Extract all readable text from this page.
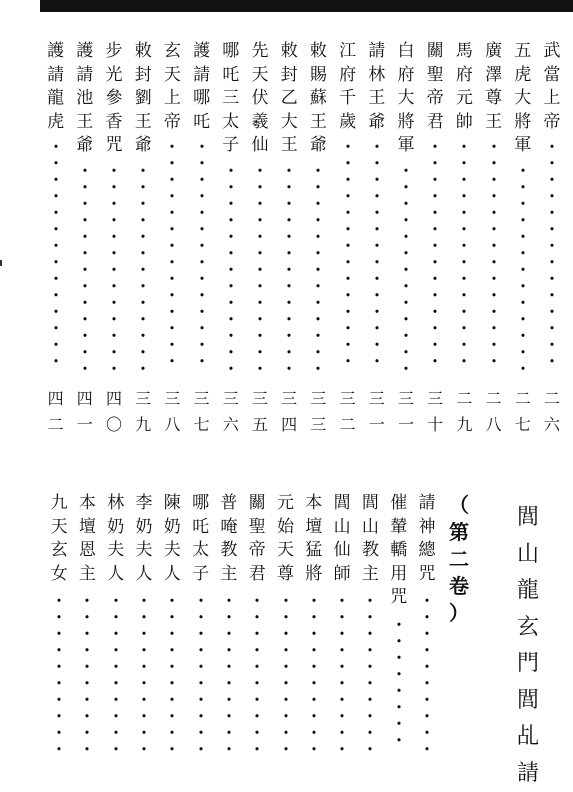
武
當
上
帝
二
六
五
虎
大
將
軍
二
七
廣
澤
尊
王
二
八
馬
府
元
帥
二
九
關
聖
帝
君
三
十
白
府
大
將
軍
三
一
請
林
王
爺
三
一
江
府
千
歲
三
二
敕
賜
蘇
王
爺
三
三
敕
封
乙
大
王
三
四
先
天
伏
羲
仙
三
五
哪
吒
三
太
子
三
六
護
請
哪
吒
三
七
玄
天
上
帝
三
八
敕
封
劉
王
爺
三
九
步
光
參
香
咒
四
〇
護
請
池
王
爺
四
一
護
請
龍
虎
四
二
（
第
二
卷
）
閭
山
龍
玄
門
閭
乩
請
請
神
總
咒
催
輦
轎
用
咒
閭
山
教
主
閭
山
仙
師
本
壇
猛
將
元
始
天
尊
關
聖
帝
君
普
唵
教
主
哪
吒
太
子
陳
奶
夫
人
李
奶
夫
人
林
奶
夫
人
本
壇
恩
主
九
天
玄
女
